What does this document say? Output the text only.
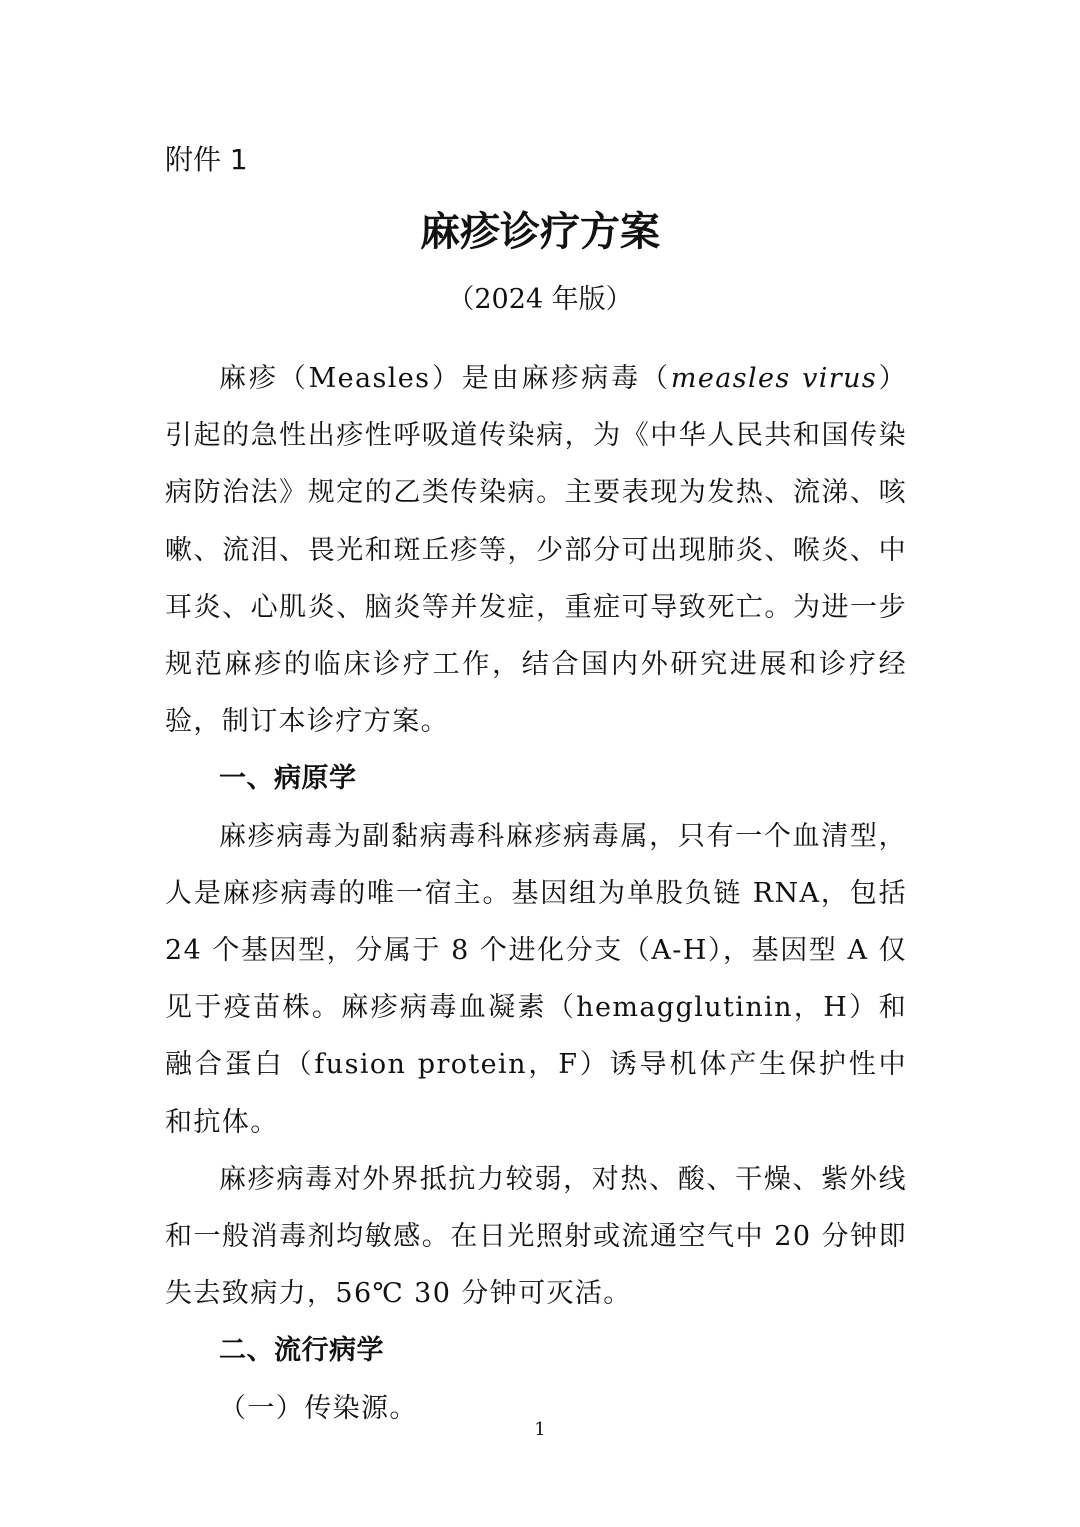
附件 1

麻疹诊疗方案

（2024 年版）

麻疹（Measles）是由麻疹病毒（measles virus）引起的急性出疹性呼吸道传染病，为《中华人民共和国传染病防治法》规定的乙类传染病。主要表现为发热、流涕、咳嗽、流泪、畏光和斑丘疹等，少部分可出现肺炎、喉炎、中耳炎、心肌炎、脑炎等并发症，重症可导致死亡。为进一步规范麻疹的临床诊疗工作，结合国内外研究进展和诊疗经验，制订本诊疗方案。

一、病原学

麻疹病毒为副黏病毒科麻疹病毒属，只有一个血清型，人是麻疹病毒的唯一宿主。基因组为单股负链 RNA，包括 24 个基因型，分属于 8 个进化分支（A-H），基因型 A 仅见于疫苗株。麻疹病毒血凝素（hemagglutinin，H）和融合蛋白（fusion protein，F）诱导机体产生保护性中和抗体。

麻疹病毒对外界抵抗力较弱，对热、酸、干燥、紫外线和一般消毒剂均敏感。在日光照射或流通空气中 20 分钟即失去致病力，56℃ 30 分钟可灭活。

二、流行病学

（一）传染源。

1
